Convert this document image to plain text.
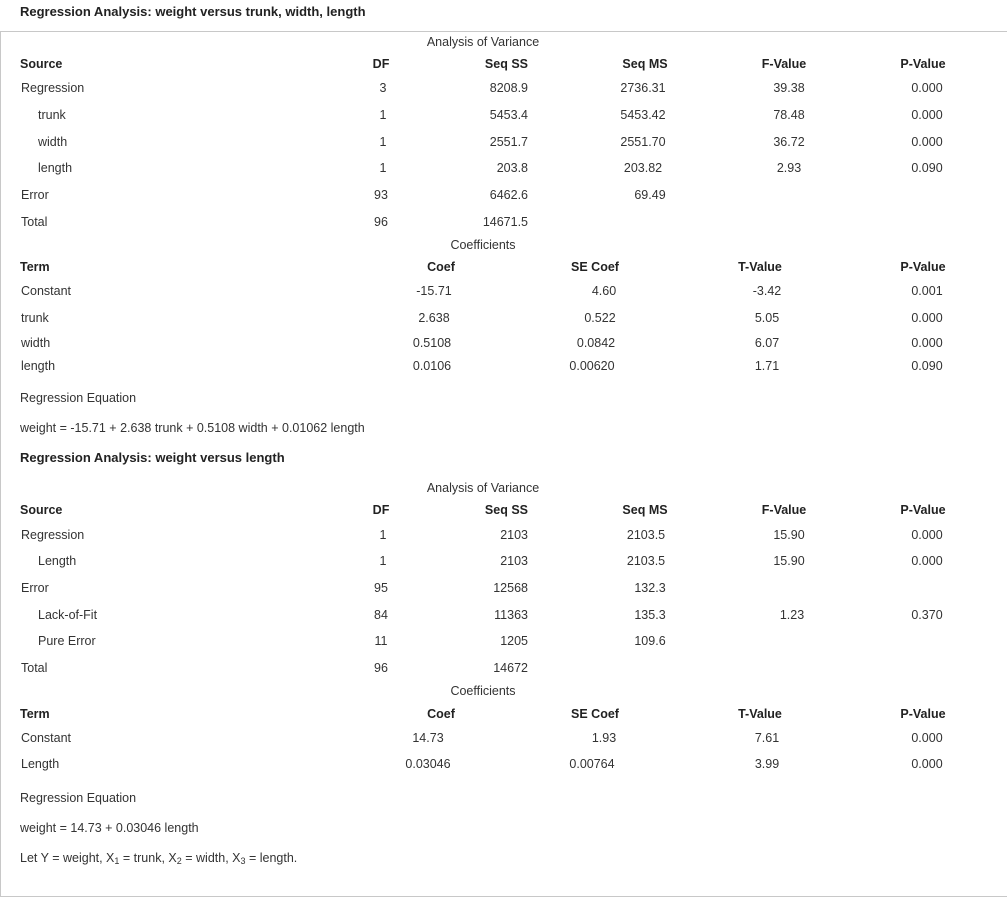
Regression Analysis: weight versus trunk, width, length
Analysis of Variance
Source	DF	Seq SS	Seq MS	F-Value	P-Value
Regression	3	8208.9	2736.31	39.38	0.000
trunk	1	5453.4	5453.42	78.48	0.000
width	1	2551.7	2551.70	36.72	0.000
length	1	203.8	203.82	2.93	0.090
Error	93	6462.6	69.49
Total	96	14671.5
Coefficients
Term	Coef	SE Coef	T-Value	P-Value
Constant	-15.71	4.60	-3.42	0.001
trunk	2.638	0.522	5.05	0.000
width	0.5108	0.0842	6.07	0.000
length	0.0106	0.00620	1.71	0.090
Regression Equation
weight = -15.71 + 2.638 trunk + 0.5108 width + 0.01062 length
Regression Analysis: weight versus length
Analysis of Variance
Source	DF	Seq SS	Seq MS	F-Value	P-Value
Regression	1	2103	2103.5	15.90	0.000
Length	1	2103	2103.5	15.90	0.000
Error	95	12568	132.3
Lack-of-Fit	84	11363	135.3	1.23	0.370
Pure Error	11	1205	109.6
Total	96	14672
Coefficients
Term	Coef	SE Coef	T-Value	P-Value
Constant	14.73	1.93	7.61	0.000
Length	0.03046	0.00764	3.99	0.000
Regression Equation
weight = 14.73 + 0.03046 length
Let Y = weight, $X_1$ = trunk, $X_2$ = width, $X_3$ = length.
